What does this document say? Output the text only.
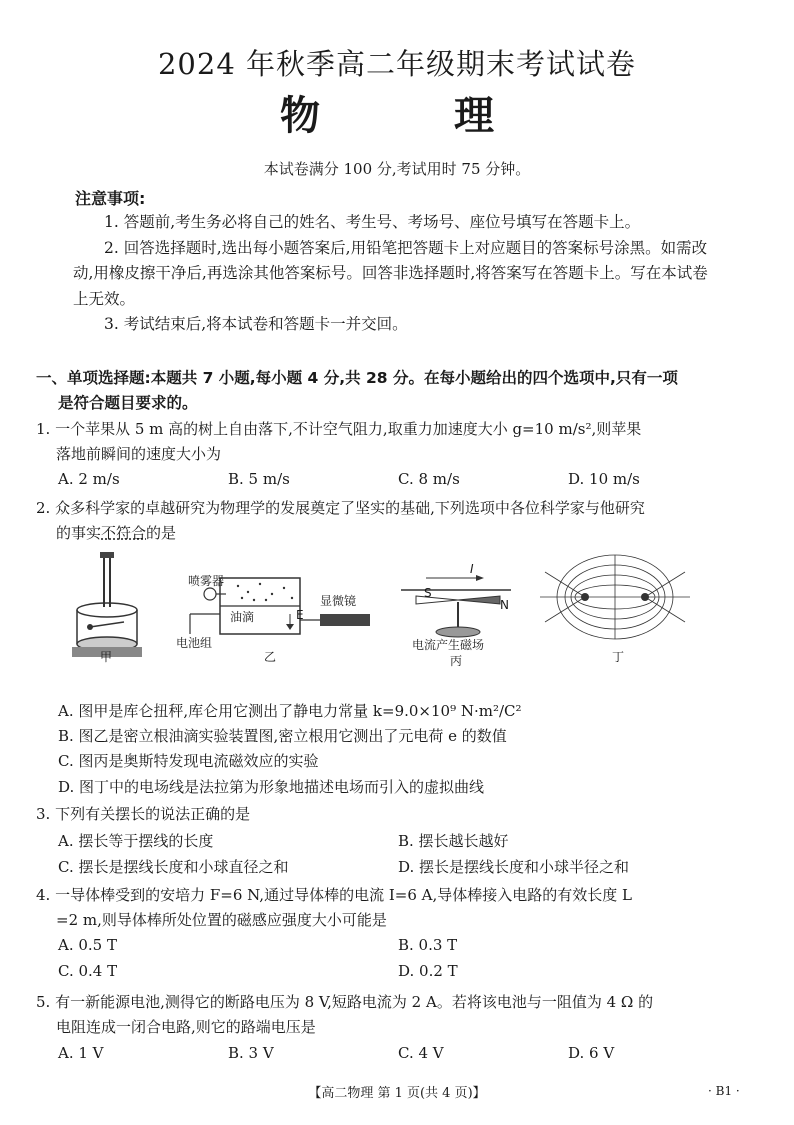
2024 年秋季高二年级期末考试试卷
物 理
本试卷满分 100 分,考试用时 75 分钟。
注意事项:

1. 答题前,考生务必将自己的姓名、考生号、考场号、座位号填写在答题卡上。

2. 回答选择题时,选出每小题答案后,用铅笔把答题卡上对应题目的答案标号涂黑。如需改动,用橡皮擦干净后,再选涂其他答案标号。回答非选择题时,将答案写在答题卡上。写在本试卷上无效。

3. 考试结束后,将本试卷和答题卡一并交回。

一、单项选择题:本题共 7 小题,每小题 4 分,共 28 分。在每小题给出的四个选项中,只有一项
是符合题目要求的。
1. 一个苹果从 5 m 高的树上自由落下,不计空气阻力,取重力加速度大小 g=10 m/s²,则苹果
落地前瞬间的速度大小为
A. 2 m/s	B. 5 m/s	C. 8 m/s	D. 10 m/s
2. 众多科学家的卓越研究为物理学的发展奠定了坚实的基础,下列选项中各位科学家与他研究
的事实不符合的是
甲
喷雾器
油滴	E
显微镜
电池组
乙
I
S
N
电流产生磁场
丙	丁
A. 图甲是库仑扭秤,库仑用它测出了静电力常量 k=9.0×10⁹ N·m²/C²
B. 图乙是密立根油滴实验装置图,密立根用它测出了元电荷 e 的数值
C. 图丙是奥斯特发现电流磁效应的实验
D. 图丁中的电场线是法拉第为形象地描述电场而引入的虚拟曲线
3. 下列有关摆长的说法正确的是
A. 摆长等于摆线的长度	B. 摆长越长越好
C. 摆长是摆线长度和小球直径之和	D. 摆长是摆线长度和小球半径之和
4. 一导体棒受到的安培力 F=6 N,通过导体棒的电流 I=6 A,导体棒接入电路的有效长度 L
=2 m,则导体棒所处位置的磁感应强度大小可能是
A. 0.5 T	B. 0.3 T
C. 0.4 T	D. 0.2 T
5. 有一新能源电池,测得它的断路电压为 8 V,短路电流为 2 A。若将该电池与一阻值为 4 Ω 的
电阻连成一闭合电路,则它的路端电压是
A. 1 V	B. 3 V	C. 4 V	D. 6 V
【高二物理 第 1 页(共 4 页)】	· B1 ·
